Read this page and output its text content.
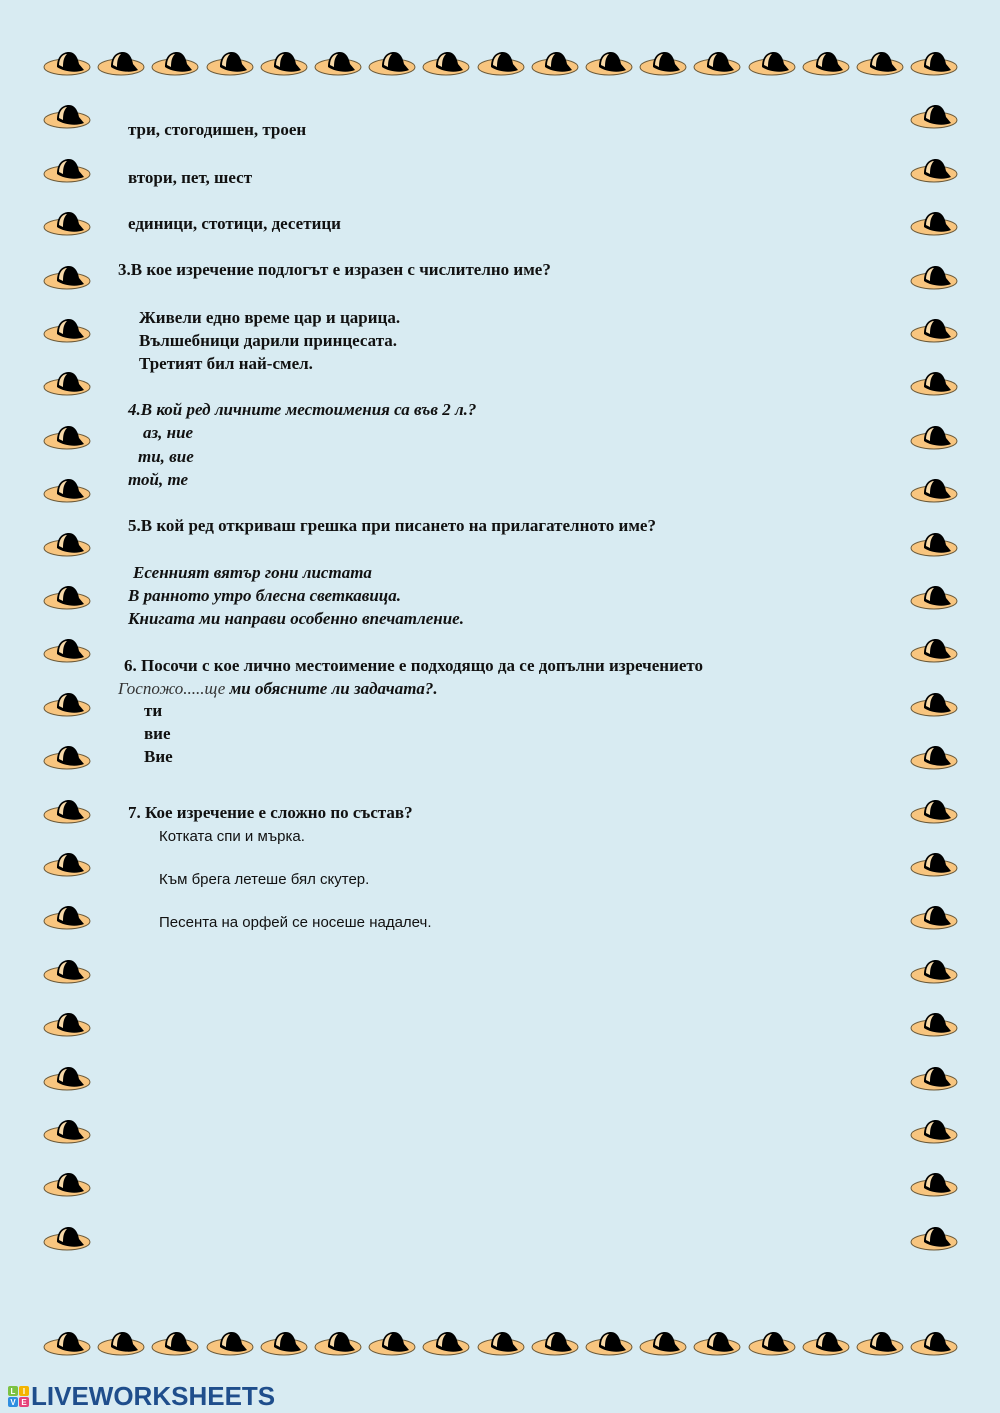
три, стогодишен, троен
втори, пет, шест
единици, стотици, десетици
3.В кое изречение подлогът е изразен с числително име?
Живели едно време цар и царица.
Вълшебници дарили принцесата.
Третият бил най-смел.
4.В кой ред личните местоимения са във 2 л.?
аз, ние
ти, вие
той, те
5.В кой ред откриваш грешка при писането на прилагателното име?
Есенният вятър гони листата
В ранното утро блесна светкавица.
Книгата ми направи особенно впечатление.
6. Посочи с кое лично местоимение е подходящо да се допълни изречението
ти
вие
Вие
7. Кое изречение е сложно по състав?
Котката спи и мърка.
Към брега летеше бял скутер.
Песента на орфей се носеше надалеч.
Госпожо.....ще ми обясните ли задачата?.
L I
V E LIVEWORKSHEETS
